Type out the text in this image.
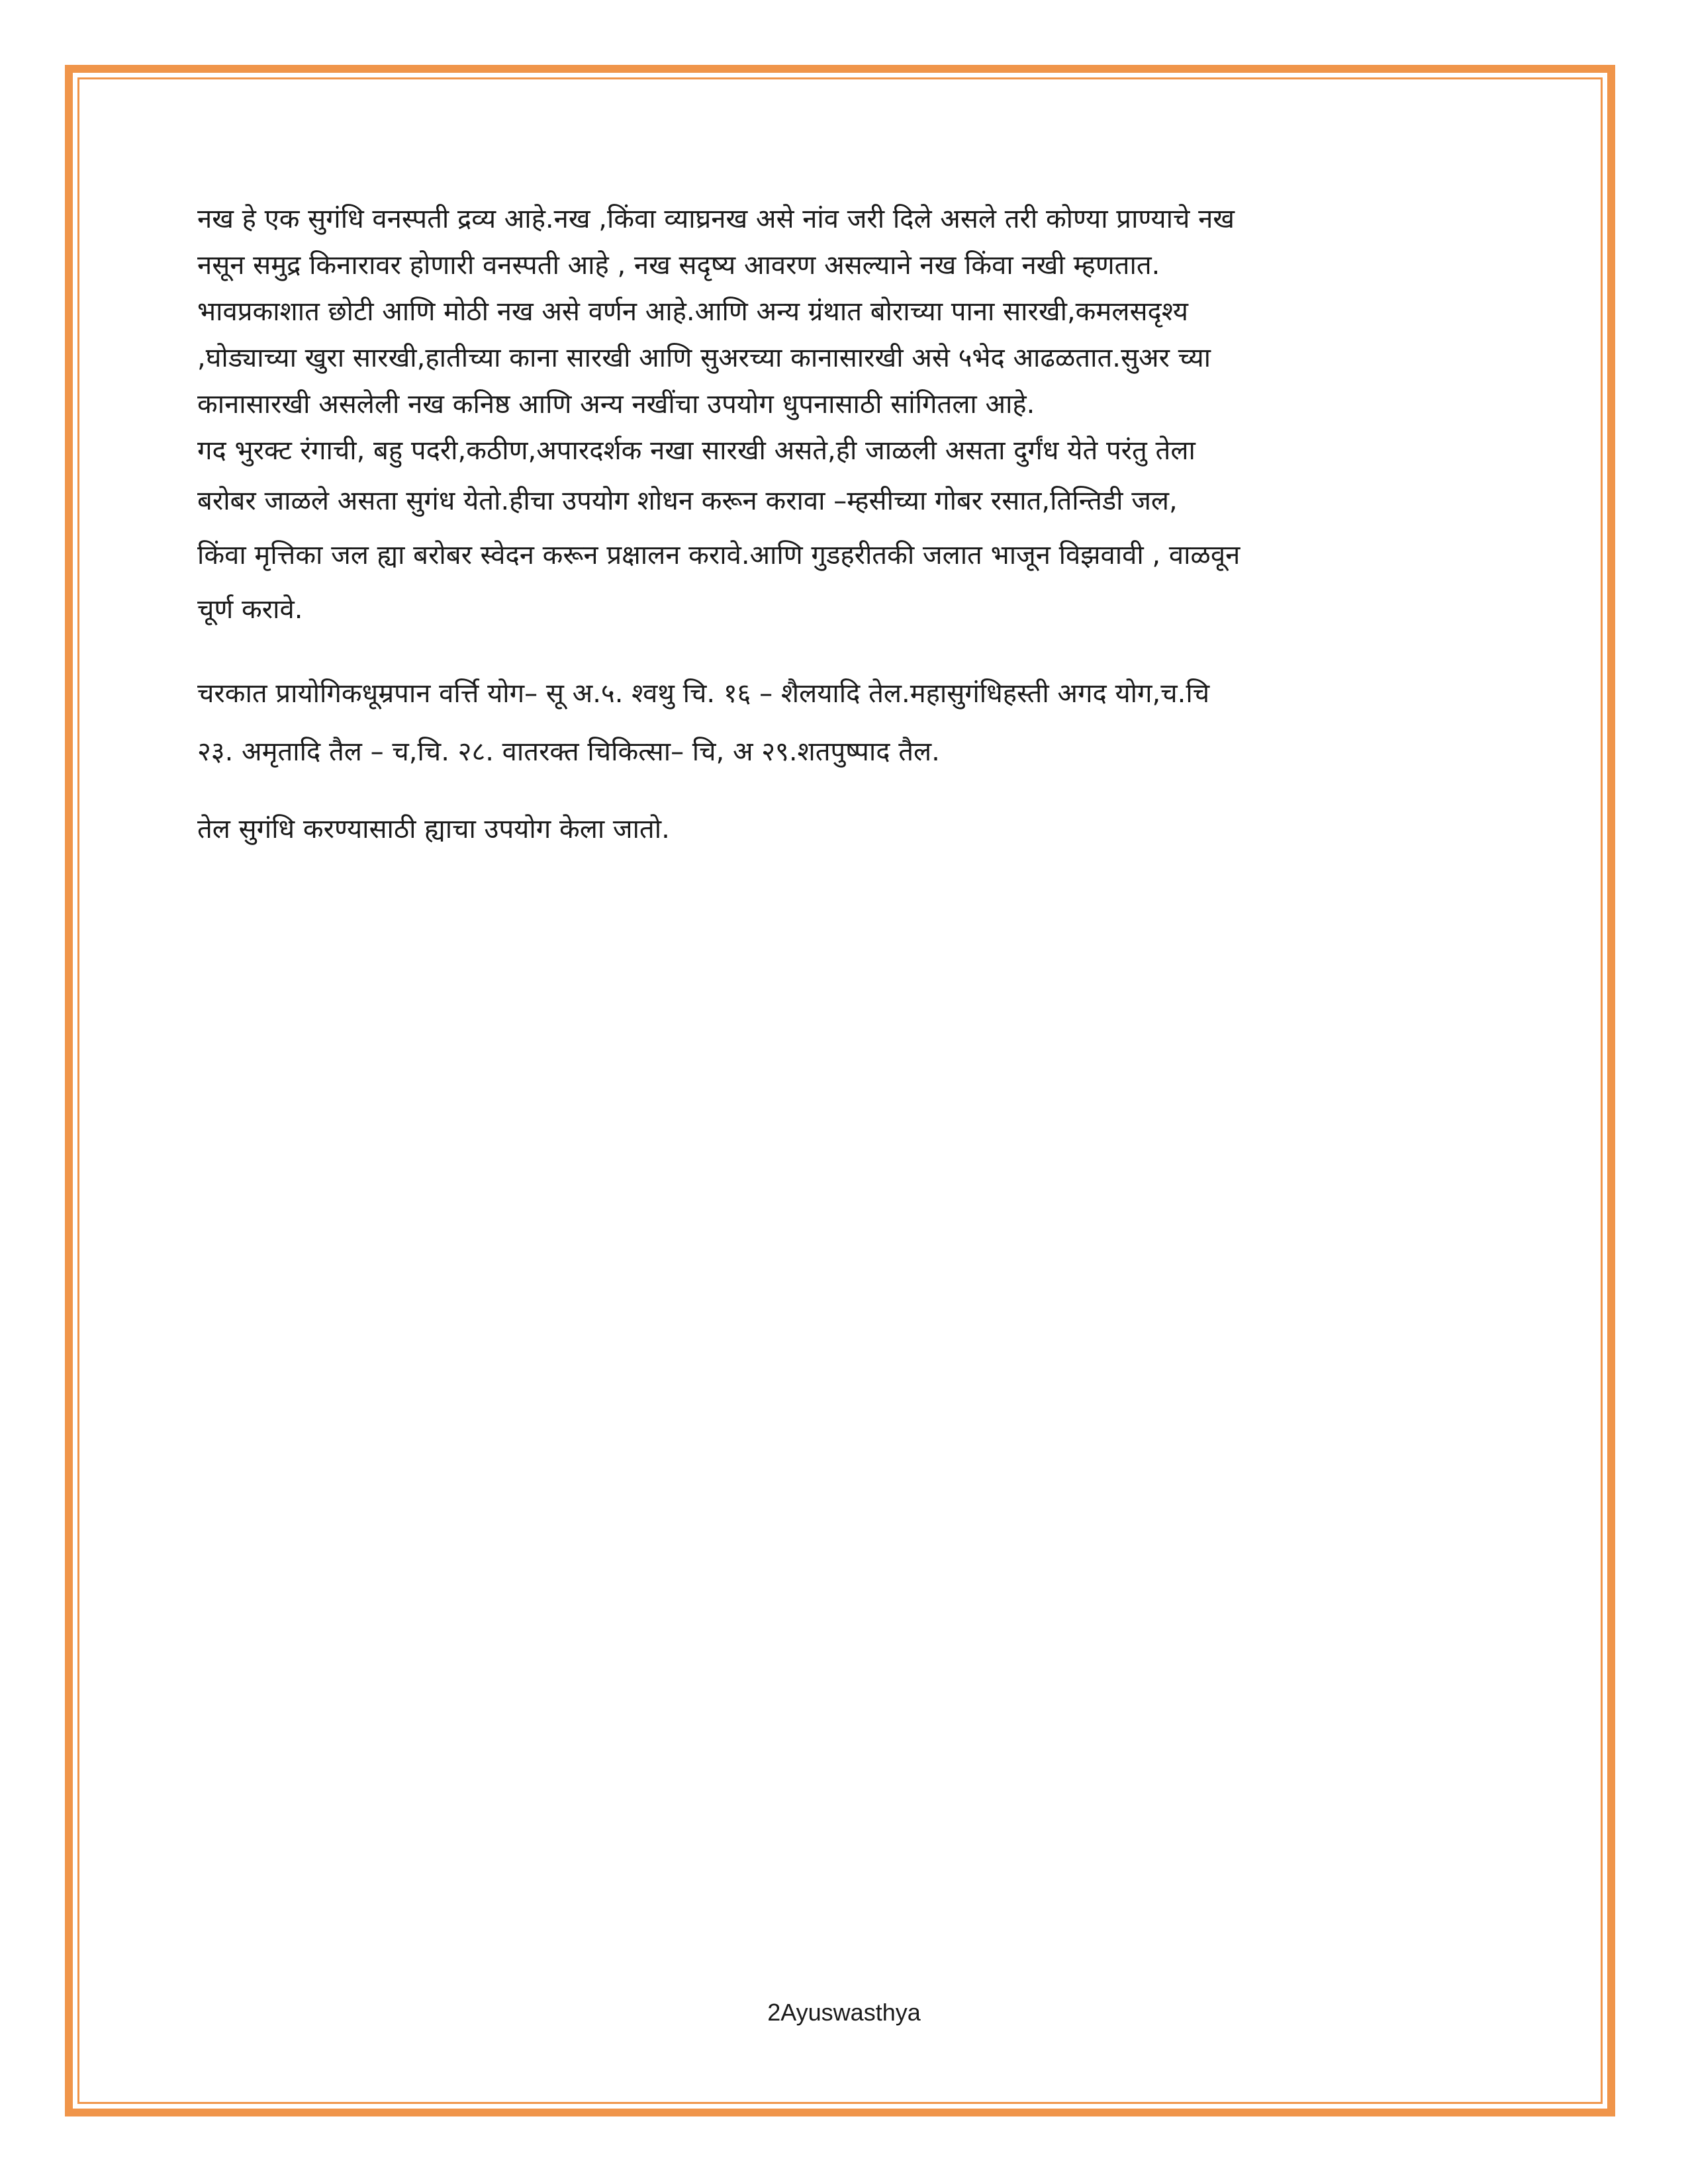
नख हे एक सुगंधि वनस्पती द्रव्य आहे.नख ,किंवा व्याघ्रनख असे नांव जरी दिले असले तरी कोण्या प्राण्याचे नख
नसून समुद्र किनारावर होणारी वनस्पती आहे , नख सदृष्य आवरण असल्याने नख किंवा नखी म्हणतात.
भावप्रकाशात छोटी आणि मोठी नख असे वर्णन आहे.आणि अन्य ग्रंथात बोराच्या पाना सारखी,कमलसदृश्य
,घोड्याच्या खुरा सारखी,हातीच्या काना सारखी आणि सुअरच्या कानासारखी असे ५भेद आढळतात.सुअर च्या
कानासारखी असलेली नख कनिष्ठ आणि अन्य नखींचा उपयोग धुपनासाठी सांगितला आहे.
गद भुरक्ट रंगाची, बहु पदरी,कठीण,अपारदर्शक नखा सारखी असते,ही जाळली असता दुर्गंध येते परंतु तेला
बरोबर जाळले असता सुगंध येतो.हीचा उपयोग शोधन करून करावा –म्हसीच्या गोबर रसात,तिन्तिडी जल,
किंवा मृत्तिका जल ह्या बरोबर स्वेदन करून प्रक्षालन करावे.आणि गुडहरीतकी जलात भाजून विझवावी , वाळवून
चूर्ण करावे.
चरकात प्रायोगिकधूम्रपान वर्त्ति योग– सू अ.५. श्वथु चि. १६ – शैलयादि तेल.महासुगंधिहस्ती अगद योग,च.चि
२३. अमृतादि तैल – च,चि. २८. वातरक्त चिकित्सा– चि, अ २९.शतपुष्पाद तैल.
तेल सुगंधि करण्यासाठी ह्याचा उपयोग केला जातो.
2Ayuswasthya
